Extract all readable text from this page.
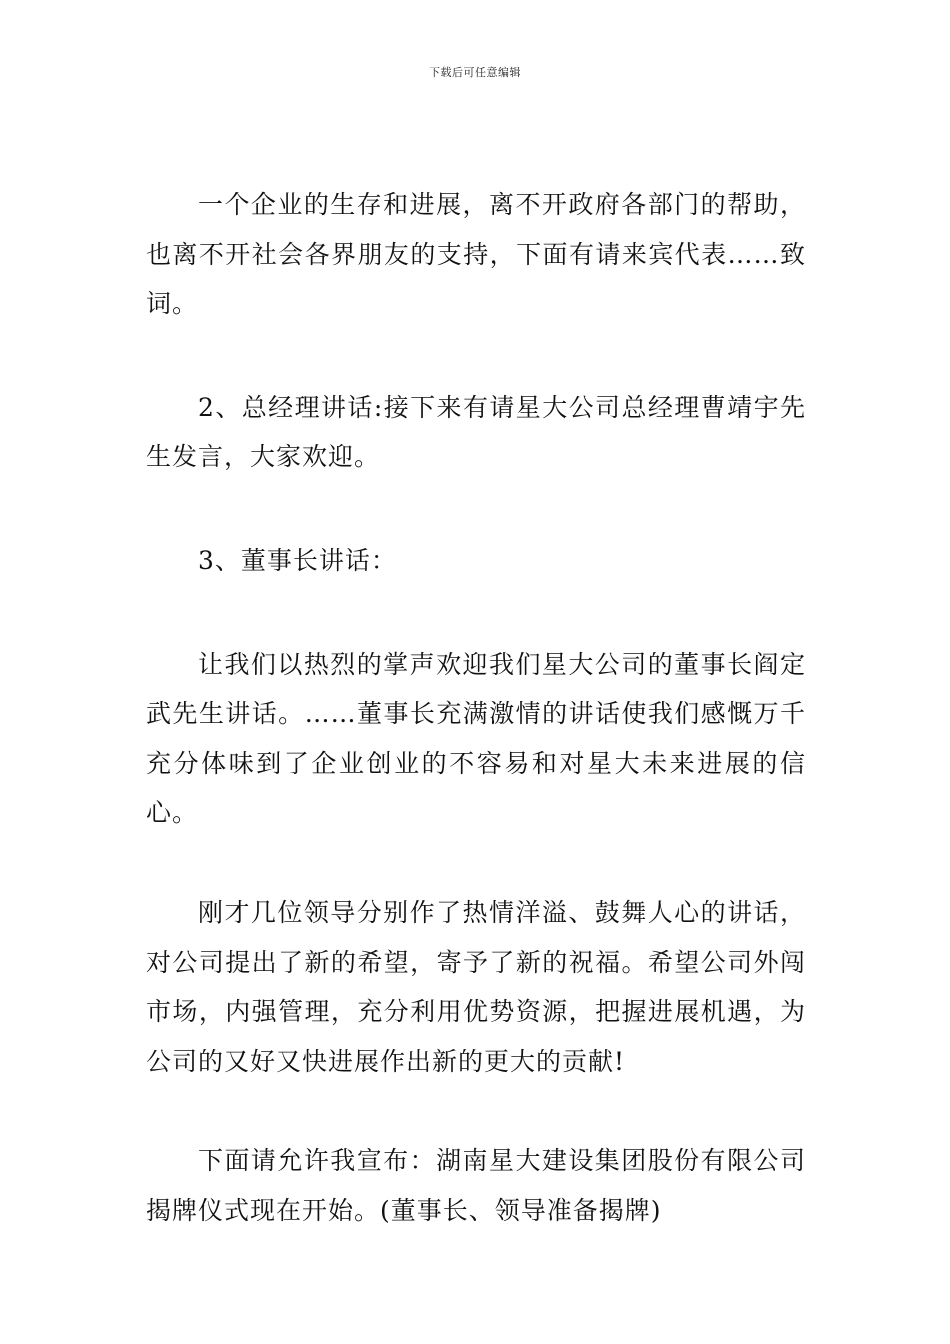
下载后可任意编辑

一个企业的生存和进展，离不开政府各部门的帮助，也离不开社会各界朋友的支持，下面有请来宾代表……致词。

2、总经理讲话:接下来有请星大公司总经理曹靖宇先生发言，大家欢迎。

3、董事长讲话：

让我们以热烈的掌声欢迎我们星大公司的董事长阎定武先生讲话。……董事长充满激情的讲话使我们感慨万千充分体味到了企业创业的不容易和对星大未来进展的信心。

刚才几位领导分别作了热情洋溢、鼓舞人心的讲话，对公司提出了新的希望，寄予了新的祝福。希望公司外闯市场，内强管理，充分利用优势资源，把握进展机遇，为公司的又好又快进展作出新的更大的贡献!

下面请允许我宣布：湖南星大建设集团股份有限公司揭牌仪式现在开始。(董事长、领导准备揭牌)
